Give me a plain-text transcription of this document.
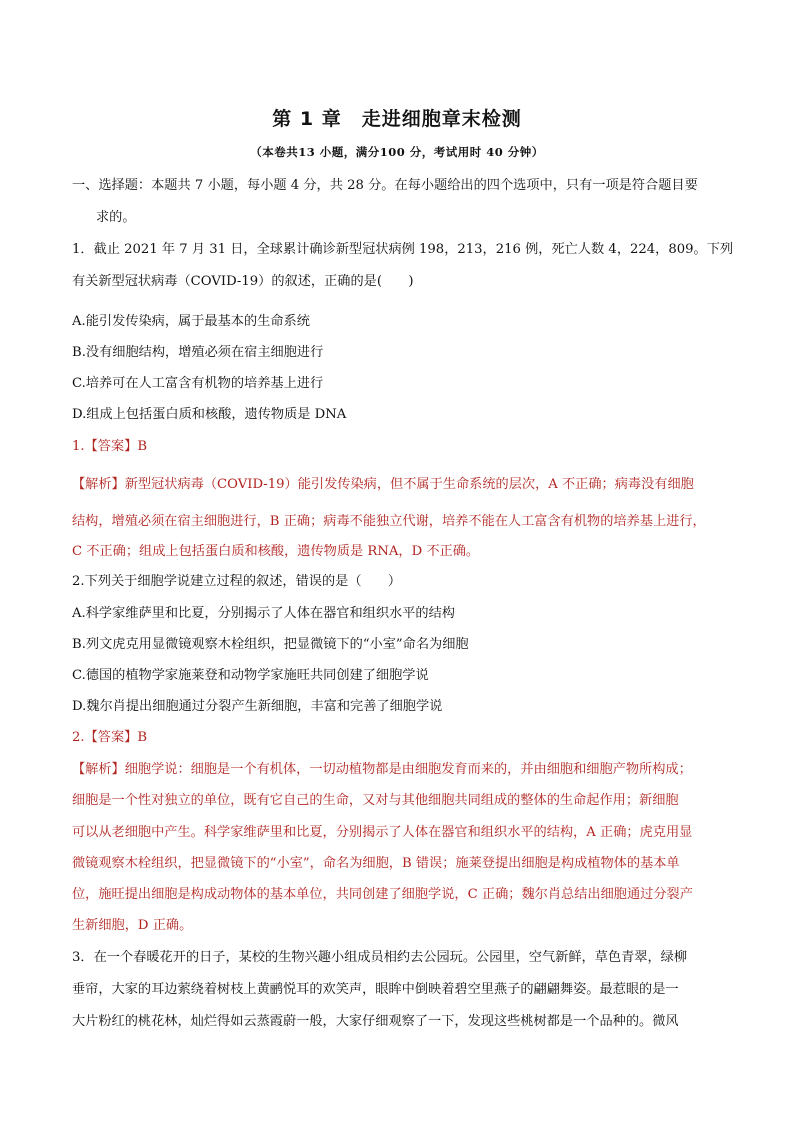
第 1 章　走进细胞章末检测
（本卷共13 小题，满分100 分，考试用时 40 分钟）
一、选择题：本题共 7 小题，每小题 4 分，共 28 分。在每小题给出的四个选项中，只有一项是符合题目要
求的。
1．截止 2021 年 7 月 31 日，全球累计确诊新型冠状病例 198，213，216 例，死亡人数 4，224，809。下列
有关新型冠状病毒（COVID-19）的叙述，正确的是(　　)
A.能引发传染病，属于最基本的生命系统
B.没有细胞结构，增殖必须在宿主细胞进行
C.培养可在人工富含有机物的培养基上进行
D.组成上包括蛋白质和核酸，遗传物质是 DNA
1.【答案】B
【解析】新型冠状病毒（COVID-19）能引发传染病，但不属于生命系统的层次，A 不正确；病毒没有细胞
结构，增殖必须在宿主细胞进行，B 正确；病毒不能独立代谢，培养不能在人工富含有机物的培养基上进行，
C 不正确；组成上包括蛋白质和核酸，遗传物质是 RNA，D 不正确。
2.下列关于细胞学说建立过程的叙述，错误的是（　　）
A.科学家维萨里和比夏，分别揭示了人体在器官和组织水平的结构
B.列文虎克用显微镜观察木栓组织，把显微镜下的“小室”命名为细胞
C.德国的植物学家施莱登和动物学家施旺共同创建了细胞学说
D.魏尔肖提出细胞通过分裂产生新细胞，丰富和完善了细胞学说
2.【答案】B
【解析】细胞学说：细胞是一个有机体，一切动植物都是由细胞发育而来的，并由细胞和细胞产物所构成；
细胞是一个性对独立的单位，既有它自己的生命，又对与其他细胞共同组成的整体的生命起作用；新细胞
可以从老细胞中产生。科学家维萨里和比夏，分别揭示了人体在器官和组织水平的结构，A 正确；虎克用显
微镜观察木栓组织，把显微镜下的“小室”，命名为细胞，B 错误；施莱登提出细胞是构成植物体的基本单
位，施旺提出细胞是构成动物体的基本单位，共同创建了细胞学说，C 正确；魏尔肖总结出细胞通过分裂产
生新细胞，D 正确。
3．在一个春暖花开的日子，某校的生物兴趣小组成员相约去公园玩。公园里，空气新鲜，草色青翠，绿柳
垂帘，大家的耳边萦绕着树枝上黄鹂悦耳的欢笑声，眼眸中倒映着碧空里燕子的翩翩舞姿。最惹眼的是一
大片粉红的桃花林，灿烂得如云蒸霞蔚一般，大家仔细观察了一下，发现这些桃树都是一个品种的。微风
